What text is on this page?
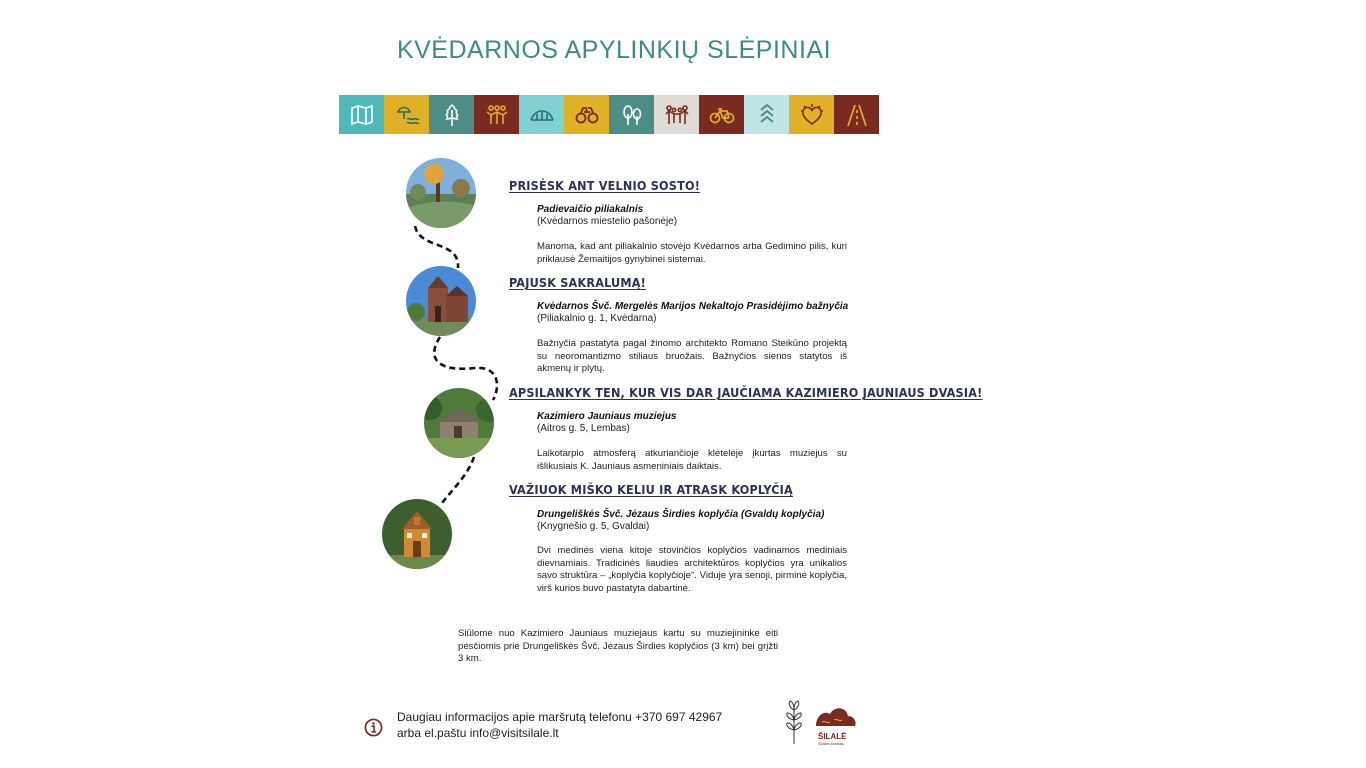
KVĖDARNOS APYLINKIŲ SLĖPINIAI
PRISĖSK ANT VELNIO SOSTO!
Padievaičio piliakalnis
(Kvėdarnos miestelio pašonėje)
Manoma, kad ant piliakalnio stovėjo Kvėdarnos arba Gedimino pilis, kuri priklausė Žemaitijos gynybinei sistemai.
PAJUSK SAKRALUMĄ!
Kvėdarnos Švč. Mergelės Marijos Nekaltojo Prasidėjimo bažnyčia
(Piliakalnio g. 1, Kvėdarna)
Bažnyčia pastatyta pagal žinomo architekto Romano Steikūno projektą su neoromantizmo stiliaus bruožais. Bažnyčios sienos statytos iš akmenų ir plytų.
APSILANKYK TEN, KUR VIS DAR JAUČIAMA KAZIMIERO JAUNIAUS DVASIA!
Kazimiero Jauniaus muziejus
(Aitros g. 5, Lembas)
Laikotarpio atmosferą atkuriančioje klėtelėje įkurtas muziejus su išlikusiais K. Jauniaus asmeniniais daiktais.
VAŽIUOK MIŠKO KELIU IR ATRASK KOPLYČIĄ
Drungeliškės Švč. Jėzaus Širdies koplyčia (Gvaldų koplyčia)
(Knygnešio g. 5, Gvaldai)
Dvi medinės viena kitoje stovinčios koplyčios vadinamos mediniais dievnamiais. Tradicinės liaudies architektūros koplyčios yra unikalios savo struktūra – „koplyčia koplyčioje“. Viduje yra senoji, pirminė koplyčia, virš kurios buvo pastatyta dabartinė.
Siūlome nuo Kazimiero Jauniaus muziejaus kartu su muziejininke eiti pėsčiomis prie Drungeliškės Švč. Jėzaus Širdies koplyčios (3 km) bei grįžti 3 km.
Daugiau informacijos apie maršrutą telefonu +370 697 42967
arba el.paštu info@visitsilale.lt	ŠILALĖ
Šilalės kraštas
